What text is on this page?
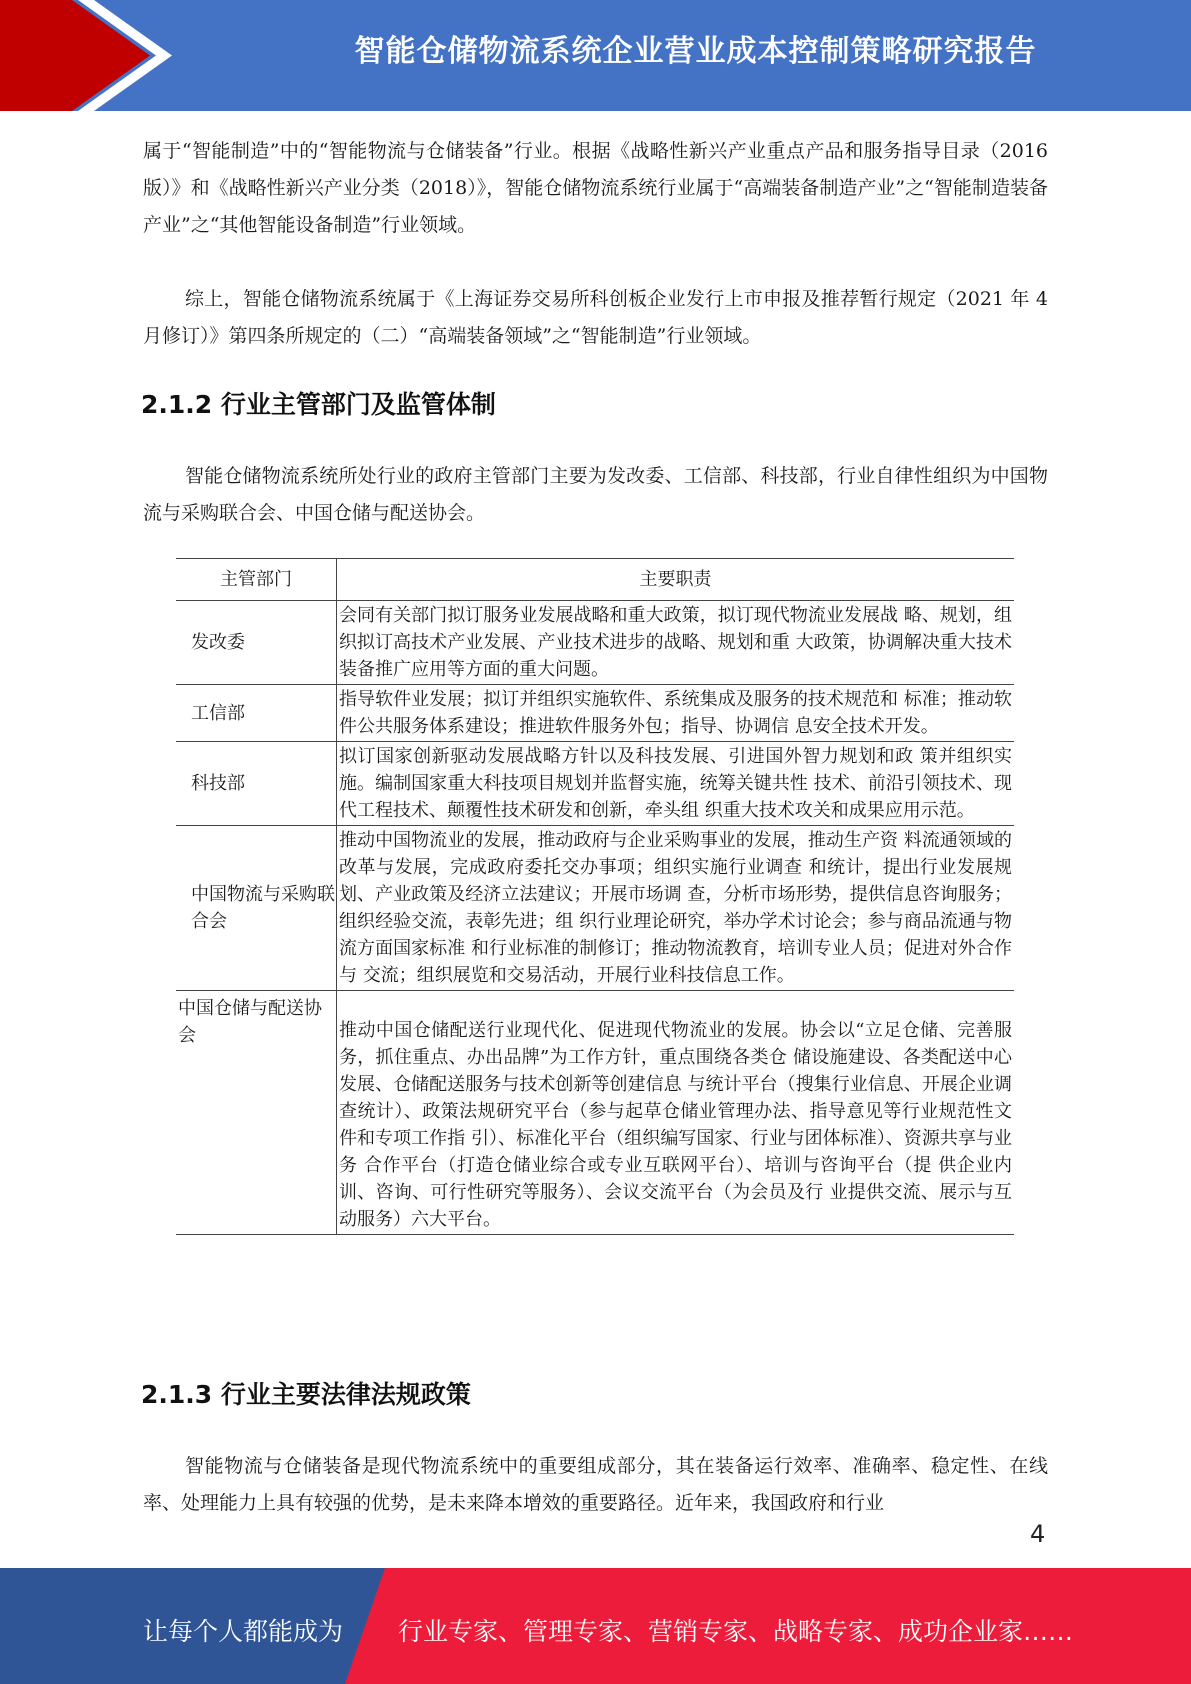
智能仓储物流系统企业营业成本控制策略研究报告

属于“智能制造”中的“智能物流与仓储装备”行业。根据《战略性新兴产业重点产品和服务指导目录（2016 版）》和《战略性新兴产业分类（2018）》，智能仓储物流系统行业属于“高端装备制造产业”之“智能制造装备产业”之“其他智能设备制造”行业领域。

综上，智能仓储物流系统属于《上海证券交易所科创板企业发行上市申报及推荐暂行规定（2021 年 4 月修订）》第四条所规定的（二）“高端装备领域”之“智能制造”行业领域。

2.1.2 行业主管部门及监管体制

智能仓储物流系统所处行业的政府主管部门主要为发改委、工信部、科技部，行业自律性组织为中国物流与采购联合会、中国仓储与配送协会。

主管部门	主要职责
发改委	会同有关部门拟订服务业发展战略和重大政策，拟订现代物流业发展战 略、规划，组织拟订高技术产业发展、产业技术进步的战略、规划和重 大政策，协调解决重大技术装备推广应用等方面的重大问题。
工信部	指导软件业发展；拟订并组织实施软件、系统集成及服务的技术规范和 标准；推动软件公共服务体系建设；推进软件服务外包；指导、协调信 息安全技术开发。
科技部	拟订国家创新驱动发展战略方针以及科技发展、引进国外智力规划和政 策并组织实施。编制国家重大科技项目规划并监督实施，统筹关键共性 技术、前沿引领技术、现代工程技术、颠覆性技术研发和创新，牵头组 织重大技术攻关和成果应用示范。
中国物流与采购联合会	推动中国物流业的发展，推动政府与企业采购事业的发展，推动生产资 料流通领域的改革与发展，完成政府委托交办事项；组织实施行业调查 和统计，提出行业发展规划、产业政策及经济立法建议；开展市场调 查，分析市场形势，提供信息咨询服务；组织经验交流，表彰先进；组 织行业理论研究，举办学术讨论会；参与商品流通与物流方面国家标准 和行业标准的制修订；推动物流教育，培训专业人员；促进对外合作与 交流；组织展览和交易活动，开展行业科技信息工作。
中国仓储与配送协会	推动中国仓储配送行业现代化、促进现代物流业的发展。协会以“立足仓储、完善服务，抓住重点、办出品牌”为工作方针，重点围绕各类仓 储设施建设、各类配送中心发展、仓储配送服务与技术创新等创建信息 与统计平台（搜集行业信息、开展企业调查统计）、政策法规研究平台（参与起草仓储业管理办法、指导意见等行业规范性文件和专项工作指 引）、标准化平台（组织编写国家、行业与团体标准）、资源共享与业务 合作平台（打造仓储业综合或专业互联网平台）、培训与咨询平台（提 供企业内训、咨询、可行性研究等服务）、会议交流平台（为会员及行 业提供交流、展示与互动服务）六大平台。
2.1.3 行业主要法律法规政策

智能物流与仓储装备是现代物流系统中的重要组成部分，其在装备运行效率、准确率、稳定性、在线率、处理能力上具有较强的优势，是未来降本增效的重要路径。近年来，我国政府和行业

4
让每个人都能成为 行业专家、管理专家、营销专家、战略专家、成功企业家……
